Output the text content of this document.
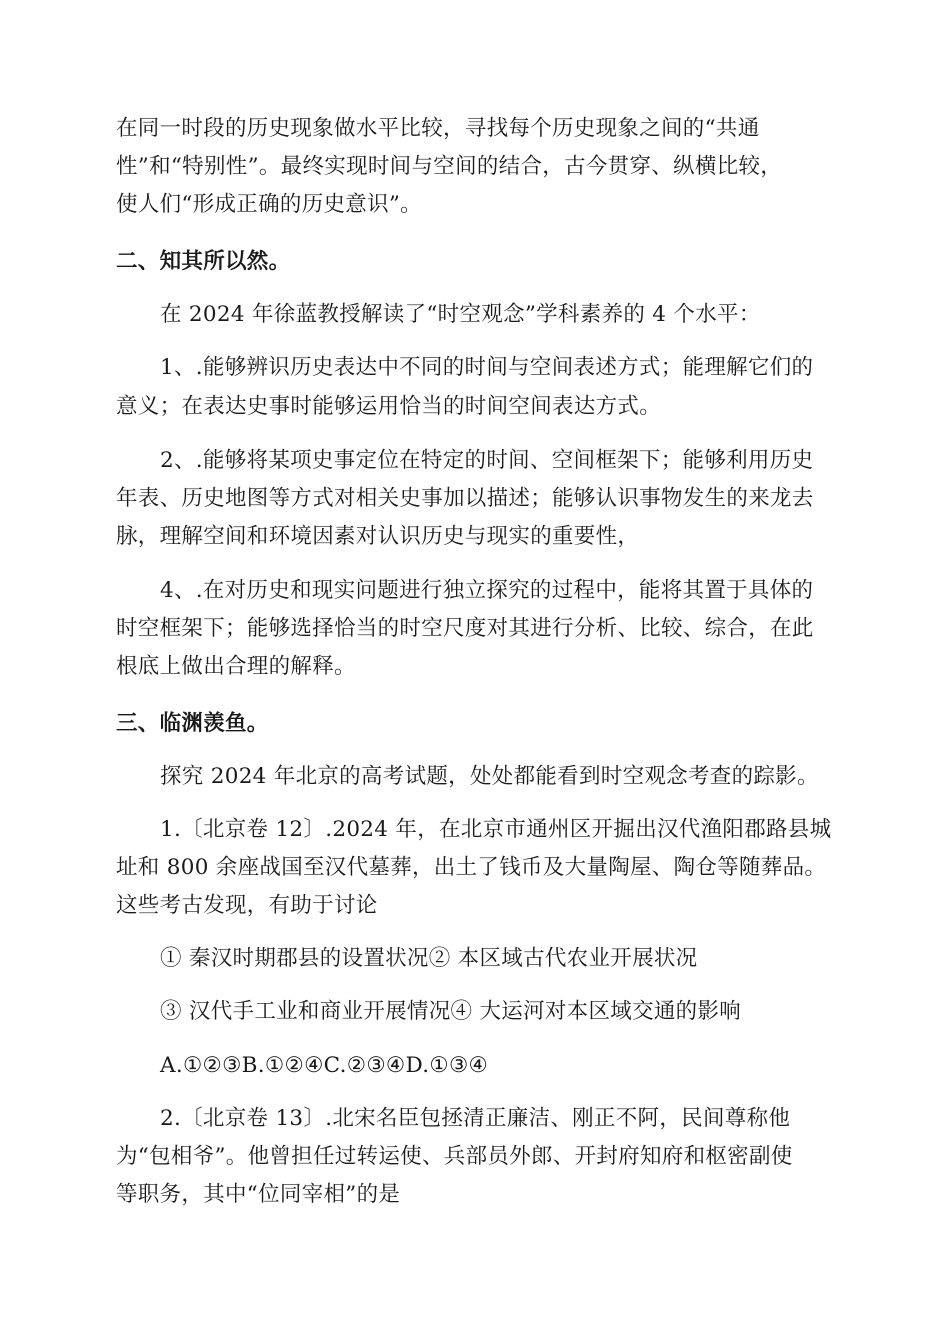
在同一时段的历史现象做水平比较，寻找每个历史现象之间的“共通
性”和“特别性”。最终实现时间与空间的结合，古今贯穿、纵横比较，
使人们“形成正确的历史意识”。
二、知其所以然。
在 2024 年徐蓝教授解读了“时空观念”学科素养的 4 个水平：
1、.能够辨识历史表达中不同的时间与空间表述方式；能理解它们的
意义；在表达史事时能够运用恰当的时间空间表达方式。
2、.能够将某项史事定位在特定的时间、空间框架下；能够利用历史
年表、历史地图等方式对相关史事加以描述；能够认识事物发生的来龙去
脉，理解空间和环境因素对认识历史与现实的重要性，
4、.在对历史和现实问题进行独立探究的过程中，能将其置于具体的
时空框架下；能够选择恰当的时空尺度对其进行分析、比较、综合，在此
根底上做出合理的解释。
三、临渊羡鱼。
探究 2024 年北京的高考试题，处处都能看到时空观念考查的踪影。
1.〔北京卷 12〕.2024 年，在北京市通州区开掘出汉代渔阳郡路县城
址和 800 余座战国至汉代墓葬，出土了钱币及大量陶屋、陶仓等随葬品。
这些考古发现，有助于讨论
① 秦汉时期郡县的设置状况② 本区域古代农业开展状况
③ 汉代手工业和商业开展情况④ 大运河对本区域交通的影响
A.①②③B.①②④C.②③④D.①③④
2.〔北京卷 13〕.北宋名臣包拯清正廉洁、刚正不阿，民间尊称他
为“包相爷”。他曾担任过转运使、兵部员外郎、开封府知府和枢密副使
等职务，其中“位同宰相”的是
